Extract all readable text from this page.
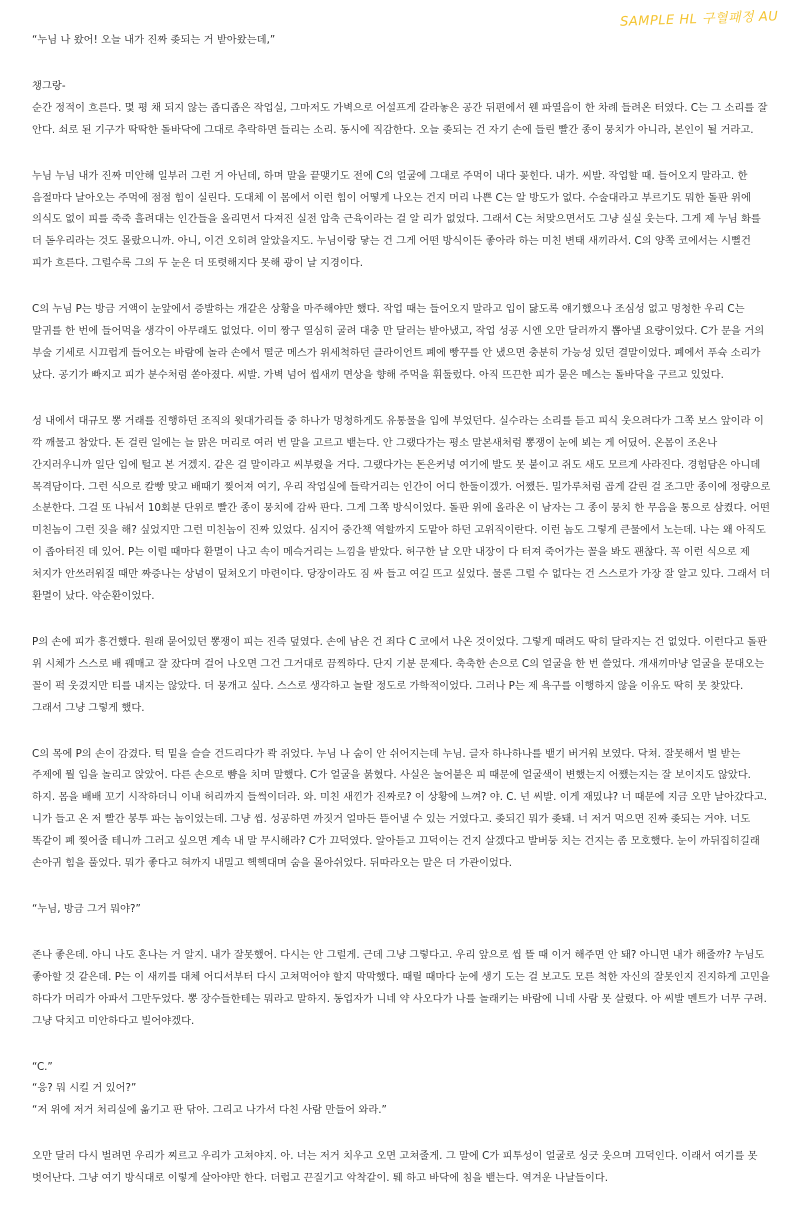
SAMPLE HL 구혈패정 AU

“누님 나 왔어! 오늘 내가 진짜 좆되는 거 받아왔는데,”

챙그랑-
순간 정적이 흐른다. 몇 평 채 되지 않는 좁디좁은 작업실, 그마저도 가벽으로 어설프게 갈라놓은 공간 뒤편에서 웬 파열음이 한 차례 들려온 터였다. C는 그 소리를 잘 안다. 쇠로 된 기구가 딱딱한 돌바닥에 그대로 추락하면 들리는 소리. 동시에 직감한다. 오늘 좆되는 건 자기 손에 들린 빨간 종이 뭉치가 아니라, 본인이 될 거라고.

누님 누님 내가 진짜 미안해 일부러 그런 거 아닌데, 하며 말을 끝맺기도 전에 C의 얼굴에 그대로 주먹이 내다 꽂힌다. 내가. 씨발. 작업할 때. 들어오지 말라고. 한 음절마다 날아오는 주먹에 점점 힘이 실린다. 도대체 이 몸에서 이런 힘이 어떻게 나오는 건지 머리 나쁜 C는 알 방도가 없다. 수술대라고 부르기도 뭐한 돌판 위에 의식도 없이 피를 죽죽 흘려대는 인간들을 올리면서 다져진 실전 압축 근육이라는 걸 알 리가 없었다. 그래서 C는 처맞으면서도 그냥 실실 웃는다. 그게 제 누님 화를 더 돋우리라는 것도 몰랐으니까. 아니, 이건 오히려 알았을지도. 누님이랑 닿는 건 그게 어떤 방식이든 좋아라 하는 미친 변태 새끼라서. C의 양쪽 코에서는 시뻘건 피가 흐른다. 그럴수록 그의 두 눈은 더 또렷해지다 못해 광이 날 지경이다.

C의 누님 P는 방금 거액이 눈앞에서 증발하는 개같은 상황을 마주해야만 했다. 작업 때는 들어오지 말라고 입이 닳도록 얘기했으나 조심성 없고 멍청한 우리 C는 말귀를 한 번에 들어먹을 생각이 아무래도 없었다. 이미 짱구 열심히 굴려 대충 만 달러는 받아냈고, 작업 성공 시엔 오만 달러까지 뽑아낼 요량이었다. C가 문을 거의 부술 기세로 시끄럽게 들어오는 바람에 놀라 손에서 떨군 메스가 위세척하던 클라이언트 폐에 빵꾸를 안 냈으면 충분히 가능성 있던 결말이었다. 폐에서 푸슉 소리가 났다. 공기가 빠지고 피가 분수처럼 쏟아졌다. 씨발. 가벽 넘어 씹새끼 면상을 향해 주먹을 휘둘렀다. 아직 뜨끈한 피가 묻은 메스는 돌바닥을 구르고 있었다.

성 내에서 대규모 뽕 거래를 진행하던 조직의 윗대가리들 중 하나가 멍청하게도 유통물을 입에 부었던다. 실수라는 소리를 듣고 피식 웃으려다가 그쪽 보스 앞이라 이 깍 깨물고 참았다. 돈 걸린 일에는 늘 맑은 머리로 여러 번 말을 고르고 뱉는다. 안 그랬다가는 평소 말본새처럼 뽕쟁이 눈에 뵈는 게 어딨어. 온몸이 조온나 간지러우니까 일단 입에 털고 본 거겠지. 같은 걸 말이라고 씨부렸을 거다. 그랬다가는 돈은커녕 여기에 발도 못 붙이고 쥐도 새도 모르게 사라진다. 경험담은 아니데 목격담이다. 그런 식으로 칼빵 맞고 배때기 찢어져 여기, 우리 작업실에 들락거리는 인간이 어디 한둘이겠가. 어쨌든. 밀가루처럼 곱게 갈린 걸 조그만 종이에 정량으로 소분한다. 그걸 또 나눠서 10회분 단위로 빨간 종이 뭉치에 감싸 판다. 그게 그쪽 방식이었다. 돌판 위에 올라온 이 남자는 그 종이 뭉치 한 무음을 통으로 삼켰다. 어떤 미친놈이 그런 짓을 해? 싶었지만 그런 미친놈이 진짜 있었다. 심지어 중간책 역할까지 도맡아 하던 고위직이란다. 이런 놈도 그렇게 큰물에서 노는데. 나는 왜 아직도 이 좁아터진 데 있어. P는 이럴 때마다 환멸이 나고 속이 메슥거리는 느낌을 받았다. 허구한 날 오만 내장이 다 터져 죽어가는 꼴을 봐도 괜찮다. 꼭 이런 식으로 제 처지가 안쓰러워질 때만 짜증나는 상념이 덮쳐오기 마련이다. 당장이라도 짐 싸 들고 여길 뜨고 싶었다. 물론 그럴 수 없다는 건 스스로가 가장 잘 알고 있다. 그래서 더 환멸이 났다. 악순환이었다.

P의 손에 피가 흥건했다. 원래 묻어있던 뽕쟁이 피는 진즉 덮였다. 손에 남은 건 죄다 C 코에서 나온 것이었다. 그렇게 때려도 딱히 달라지는 건 없었다. 이런다고 돌판 위 시체가 스스로 배 꿰매고 잘 잤다며 걸어 나오면 그건 그거대로 끔찍하다. 단지 기분 문제다. 축축한 손으로 C의 얼굴을 한 번 쓸었다. 개새끼마냥 얼굴을 문대오는 꼴이 퍽 웃겼지만 티를 내지는 않았다. 더 뭉개고 싶다. 스스로 생각하고 놀랄 정도로 가학적이었다. 그러나 P는 제 욕구를 이행하지 않을 이유도 딱히 못 찾았다. 그래서 그냥 그렇게 했다.

C의 목에 P의 손이 감겼다. 턱 밑을 슬슬 건드리다가 콱 쥐었다. 누님 나 숨이 안 쉬어지는데 누님. 글자 하나하나를 뱉기 버거워 보였다. 닥쳐. 잘못해서 벌 받는 주제에 뭘 입을 놀리고 앉았어. 다른 손으로 뺨을 치며 말했다. C가 얼굴을 붉혔다. 사실은 눌어붙은 피 때문에 얼굴색이 변했는지 어쨌는지는 잘 보이지도 않았다. 하지. 몸을 배배 꼬기 시작하더니 이내 허리까지 들썩이더라. 와. 미친 새낀가 진짜로? 이 상황에 느껴? 야. C. 넌 씨발. 이게 재밌냐? 너 때문에 지금 오만 날아갔다고. 니가 들고 온 저 빨간 봉투 파는 놈이었는데. 그냥 씹. 성공하면 까짓거 얼마든 뜯어낼 수 있는 거였다고. 좆되긴 뭐가 좆돼. 너 저거 먹으면 진짜 좆되는 거야. 너도 똑같이 폐 찢어줄 테니까 그러고 싶으면 계속 내 말 무시해라? C가 끄덕였다. 알아듣고 끄덕이는 건지 살겠다고 발버둥 치는 건지는 좀 모호했다. 눈이 까뒤집히길래 손아귀 힘을 풀었다. 뭐가 좋다고 혀까지 내밀고 헥헥대며 숨을 몰아쉬었다. 뒤따라오는 말은 더 가관이었다.

“누님, 방금 그거 뭐야?”

존나 좋은데. 아니 나도 혼나는 거 알지. 내가 잘못했어. 다시는 안 그럴게. 근데 그냥 그렇다고. 우리 앞으로 씹 뜰 때 이거 해주면 안 돼? 아니면 내가 해줄까? 누님도 좋아할 것 같은데. P는 이 새끼를 대체 어디서부터 다시 고쳐먹어야 할지 막막했다. 때릴 때마다 눈에 생기 도는 걸 보고도 모른 척한 자신의 잘못인지 진지하게 고민을 하다가 머리가 아파서 그만두었다. 뽕 장수들한테는 뭐라고 말하지. 동업자가 니네 약 사오다가 나를 놀래키는 바람에 니네 사람 못 살렸다. 아 씨발 멘트가 너무 구려. 그냥 닥치고 미안하다고 빌어야겠다.

“C.”

“응? 뭐 시킬 거 있어?”

“저 위에 저거 처리실에 옮기고 판 닦아. 그리고 나가서 다친 사람 만들어 와라.”

오만 달러 다시 벌려면 우리가 찌르고 우리가 고쳐야지. 아. 너는 저거 치우고 오면 고쳐줄게. 그 말에 C가 피투성이 얼굴로 싱긋 웃으며 끄덕인다. 이래서 여기를 못 벗어난다. 그냥 여기 방식대로 이렇게 살아야만 한다. 더럽고 끈질기고 악착같이. 퉤 하고 바닥에 침을 뱉는다. 역겨운 나날들이다.
